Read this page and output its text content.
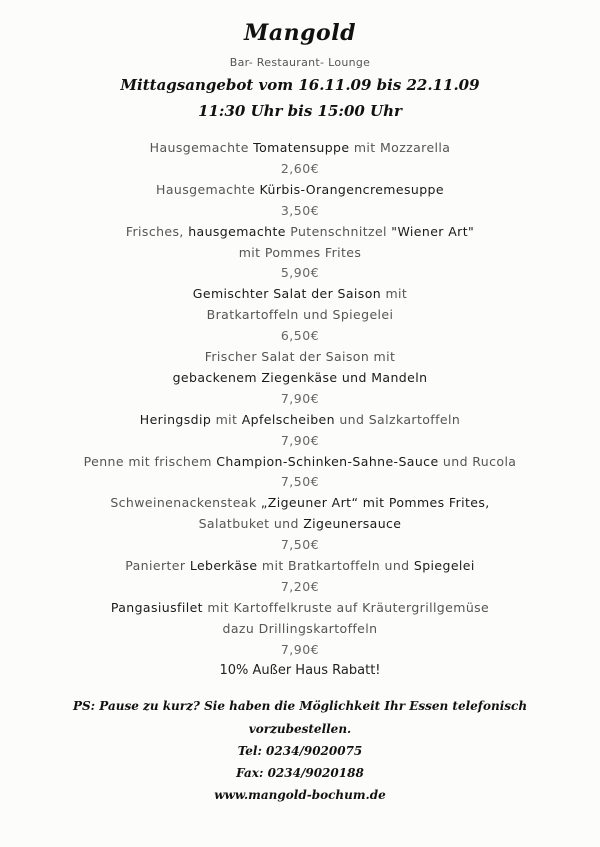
Mangold
Bar- Restaurant- Lounge
Mittagsangebot vom 16.11.09 bis 22.11.09
11:30 Uhr bis 15:00 Uhr
Hausgemachte Tomatensuppe mit Mozzarella
2,60€
Hausgemachte Kürbis-Orangencremesuppe
3,50€
Frisches, hausgemachte Putenschnitzel "Wiener Art"
mit Pommes Frites
5,90€
Gemischter Salat der Saison mit
Bratkartoffeln und Spiegelei
6,50€
Frischer Salat der Saison mit
gebackenem Ziegenkäse und Mandeln
7,90€
Heringsdip mit Apfelscheiben und Salzkartoffeln
7,90€
Penne mit frischem Champion-Schinken-Sahne-Sauce und Rucola
7,50€
Schweinenackensteak „Zigeuner Art“ mit Pommes Frites,
Salatbuket und Zigeunersauce
7,50€
Panierter Leberkäse mit Bratkartoffeln und Spiegelei
7,20€
Pangasiusfilet mit Kartoffelkruste auf Kräutergrillgemüse
dazu Drillingskartoffeln
7,90€
10% Außer Haus Rabatt!
PS: Pause zu kurz? Sie haben die Möglichkeit Ihr Essen telefonisch
vorzubestellen.
Tel: 0234/9020075
Fax: 0234/9020188
www.mangold-bochum.de
